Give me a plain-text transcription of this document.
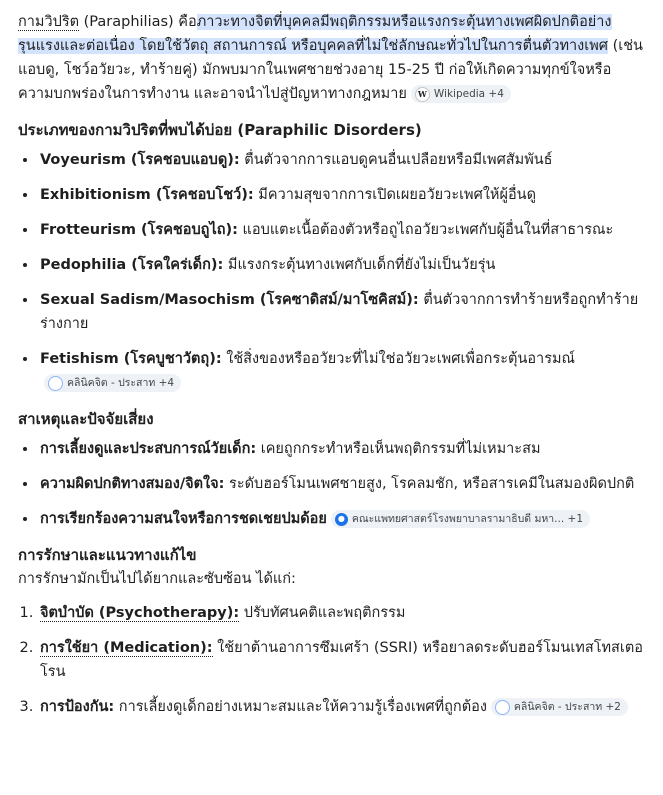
กามวิปริต (Paraphilias) คือภาวะทางจิตที่บุคคลมีพฤติกรรมหรือแรงกระตุ้นทางเพศผิดปกติอย่างรุนแรงและต่อเนื่อง โดยใช้วัตถุ สถานการณ์ หรือบุคคลที่ไม่ใช่ลักษณะทั่วไปในการตื่นตัวทางเพศ (เช่น แอบดู, โชว์อวัยวะ, ทำร้ายคู่) มักพบมากในเพศชายช่วงอายุ 15-25 ปี ก่อให้เกิดความทุกข์ใจหรือความบกพร่องในการทำงาน และอาจนำไปสู่ปัญหาทางกฎหมาย	W Wikipedia +4

ประเภทของกามวิปริตที่พบได้บ่อย (Paraphilic Disorders)
• Voyeurism (โรคชอบแอบดู): ตื่นตัวจากการแอบดูคนอื่นเปลือยหรือมีเพศสัมพันธ์
• Exhibitionism (โรคชอบโชว์): มีความสุขจากการเปิดเผยอวัยวะเพศให้ผู้อื่นดู
• Frotteurism (โรคชอบถูไถ): แอบแตะเนื้อต้องตัวหรือถูไถอวัยวะเพศกับผู้อื่นในที่สาธารณะ
• Pedophilia (โรคใคร่เด็ก): มีแรงกระตุ้นทางเพศกับเด็กที่ยังไม่เป็นวัยรุ่น
• Sexual Sadism/Masochism (โรคซาดิสม์/มาโซคิสม์): ตื่นตัวจากการทำร้ายหรือถูกทำร้ายร่างกาย
• Fetishism (โรคบูชาวัตถุ): ใช้สิ่งของหรืออวัยวะที่ไม่ใช่อวัยวะเพศเพื่อกระตุ้นอารมณ์
คลินิคจิต - ประสาท +4
สาเหตุและปัจจัยเสี่ยง
• การเลี้ยงดูและประสบการณ์วัยเด็ก: เคยถูกกระทำหรือเห็นพฤติกรรมที่ไม่เหมาะสม
• ความผิดปกติทางสมอง/จิตใจ: ระดับฮอร์โมนเพศชายสูง, โรคลมชัก, หรือสารเคมีในสมองผิดปกติ
• การเรียกร้องความสนใจหรือการชดเชยปมด้อย	● คณะแพทยศาสตร์โรงพยาบาลรามาธิบดี มหา... +1
การรักษาและแนวทางแก้ไข

การรักษามักเป็นไปได้ยากและซับซ้อน ได้แก่:

1. จิตบำบัด (Psychotherapy): ปรับทัศนคติและพฤติกรรม
2. การใช้ยา (Medication): ใช้ยาต้านอาการซึมเศร้า (SSRI) หรือยาลดระดับฮอร์โมนเทสโทสเตอโรน
3. การป้องกัน: การเลี้ยงดูเด็กอย่างเหมาะสมและให้ความรู้เรื่องเพศที่ถูกต้อง	คลินิคจิต - ประสาท +2
